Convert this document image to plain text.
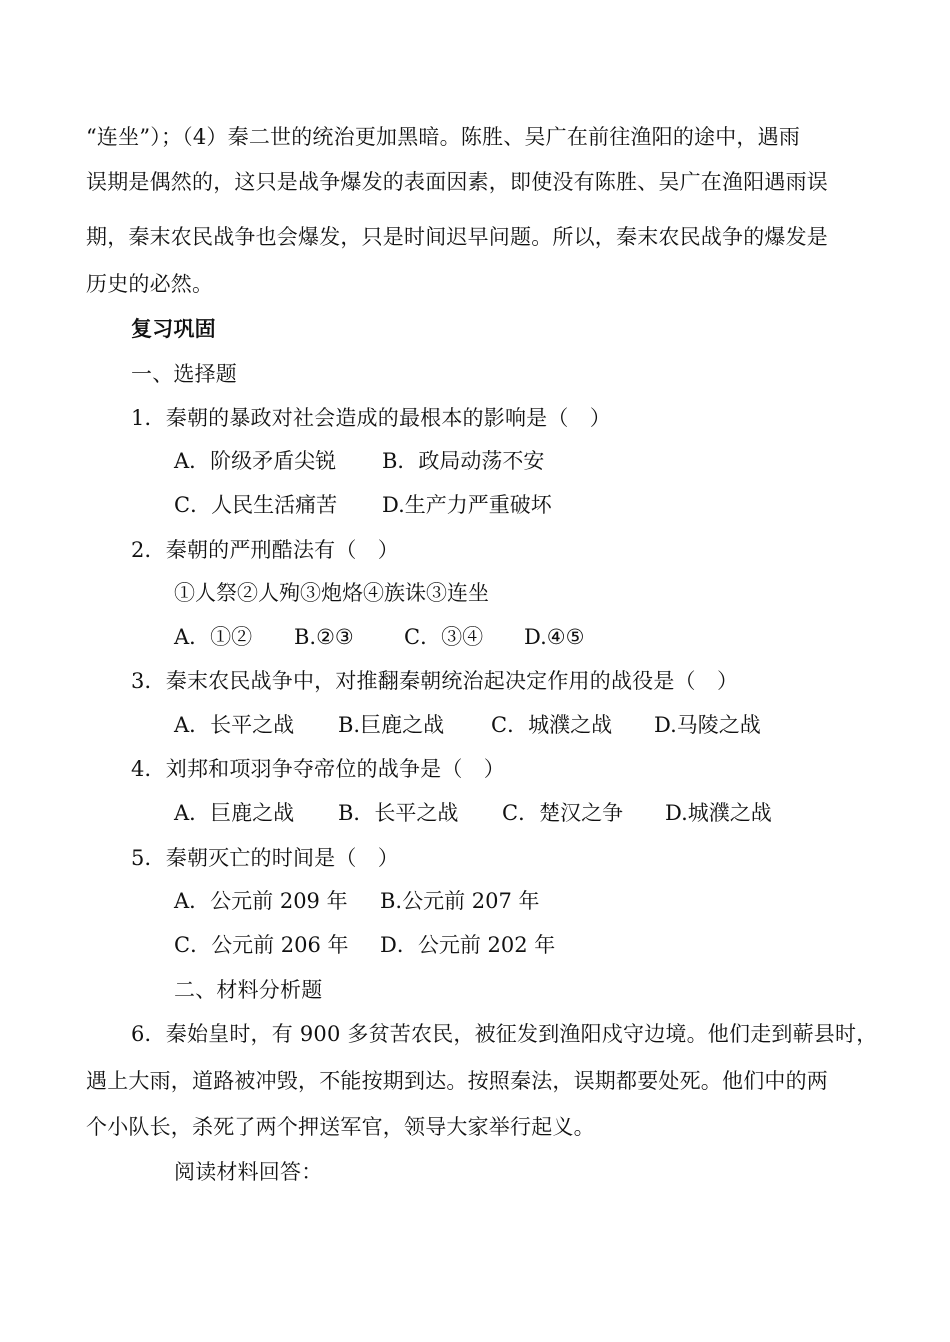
“连坐”）；（4）秦二世的统治更加黑暗。陈胜、吴广在前往渔阳的途中，遇雨
误期是偶然的，这只是战争爆发的表面因素，即使没有陈胜、吴广在渔阳遇雨误
期，秦末农民战争也会爆发，只是时间迟早问题。所以，秦末农民战争的爆发是
历史的必然。
复习巩固
一、选择题
1．秦朝的暴政对社会造成的最根本的影响是（　）
A．阶级矛盾尖锐 B．政局动荡不安
C．人民生活痛苦 D.生产力严重破坏
2．秦朝的严刑酷法有（　）
①人祭②人殉③炮烙④族诛③连坐
A．①② B.②③ C．③④ D.④⑤
3．秦末农民战争中，对推翻秦朝统治起决定作用的战役是（　）
A．长平之战 B.巨鹿之战 C．城濮之战 D.马陵之战
4．刘邦和项羽争夺帝位的战争是（　）
A．巨鹿之战 B．长平之战 C．楚汉之争 D.城濮之战
5．秦朝灭亡的时间是（　）
A．公元前 209 年 B.公元前 207 年
C．公元前 206 年 D．公元前 202 年
二、材料分析题
6．秦始皇时，有 900 多贫苦农民，被征发到渔阳戍守边境。他们走到蕲县时，
遇上大雨，道路被冲毁，不能按期到达。按照秦法，误期都要处死。他们中的两
个小队长，杀死了两个押送军官，领导大家举行起义。
阅读材料回答：
